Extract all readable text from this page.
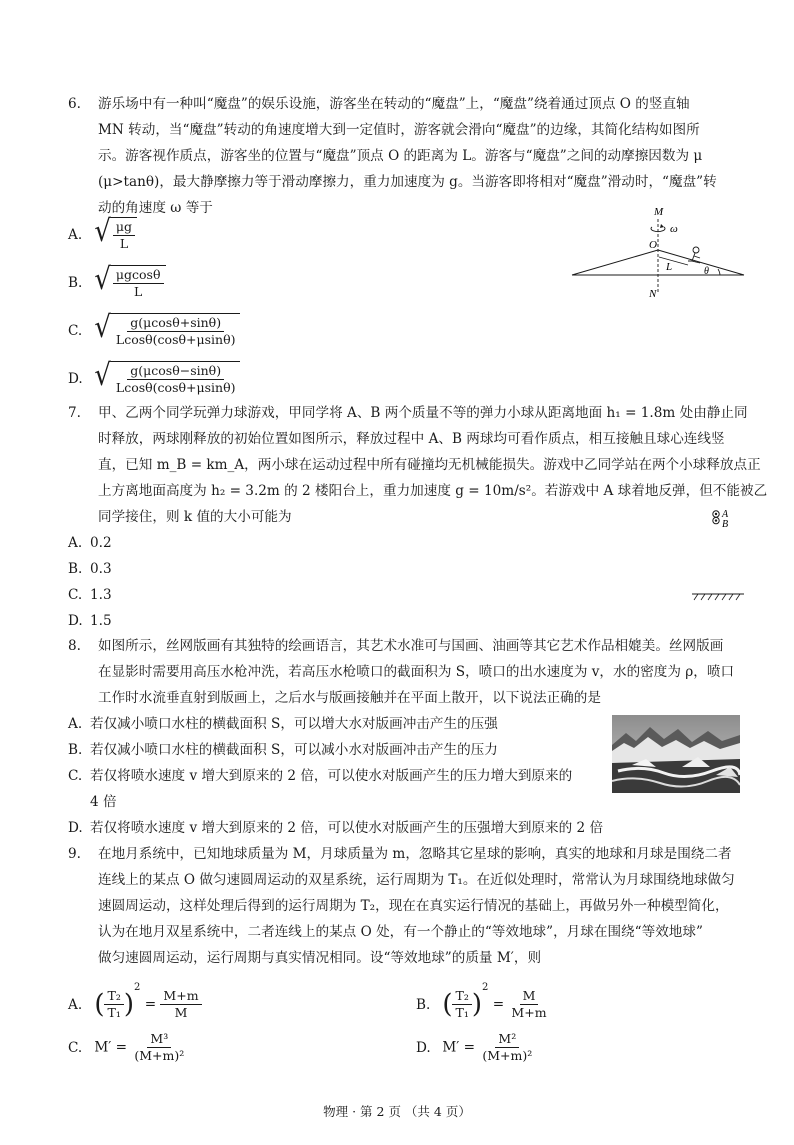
6. 游乐场中有一种叫“魔盘”的娱乐设施，游客坐在转动的“魔盘”上，“魔盘”绕着通过顶点 O 的竖直轴
MN 转动，当“魔盘”转动的角速度增大到一定值时，游客就会滑向“魔盘”的边缘，其简化结构如图所
示。游客视作质点，游客坐的位置与“魔盘”顶点 O 的距离为 L。游客与“魔盘”之间的动摩擦因数为 μ
(μ>tanθ)，最大静摩擦力等于滑动摩擦力，重力加速度为 g。当游客即将相对“魔盘”滑动时，“魔盘”转
动的角速度 ω 等于
A. √ $\frac{\mu g}{L}$
B. √ $\frac{\mu gcos\theta}{L}$
C. √ $\frac{g(\mu\cos\theta+\sin\theta)}{Lcos\theta(\cos\theta+\mu\sin\theta)}$
D. √ $\frac{g(\mu\cos\theta-\sin\theta)}{Lcos\theta(\cos\theta+\mu\sin\theta)}$
M
ω
O
L	θ
N
7. 甲、乙两个同学玩弹力球游戏，甲同学将 A、B 两个质量不等的弹力小球从距离地面 h₁ = 1.8m 处由静止同
时释放，两球刚释放的初始位置如图所示，释放过程中 A、B 两球均可看作质点，相互接触且球心连线竖
直，已知 m_B = km_A，两小球在运动过程中所有碰撞均无机械能损失。游戏中乙同学站在两个小球释放点正
上方离地面高度为 h₂ = 3.2m 的 2 楼阳台上，重力加速度 g = 10m/s²。若游戏中 A 球着地反弹，但不能被乙
同学接住，则 k 值的大小可能为
A. 0.2
B. 0.3
C. 1.3
D. 1.5
A
B
8. 如图所示，丝网版画有其独特的绘画语言，其艺术水准可与国画、油画等其它艺术作品相媲美。丝网版画
在显影时需要用高压水枪冲洗，若高压水枪喷口的截面积为 S，喷口的出水速度为 v，水的密度为 ρ，喷口
工作时水流垂直射到版画上，之后水与版画接触并在平面上散开，以下说法正确的是
A. 若仅减小喷口水柱的横截面积 S，可以增大水对版画冲击产生的压强
B. 若仅减小喷口水柱的横截面积 S，可以减小水对版画冲击产生的压力
C. 若仅将喷水速度 v 增大到原来的 2 倍，可以使水对版画产生的压力增大到原来的
4 倍
D. 若仅将喷水速度 v 增大到原来的 2 倍，可以使水对版画产生的压强增大到原来的 2 倍
9. 在地月系统中，已知地球质量为 M，月球质量为 m，忽略其它星球的影响，真实的地球和月球是围绕二者
连线上的某点 O 做匀速圆周运动的双星系统，运行周期为 T₁。在近似处理时，常常认为月球围绕地球做匀
速圆周运动，这样处理后得到的运行周期为 T₂，现在在真实运行情况的基础上，再做另外一种模型简化，
认为在地月双星系统中，二者连线上的某点 O 处，有一个静止的“等效地球”，月球在围绕“等效地球”
做匀速圆周运动，运行周期与真实情况相同。设“等效地球”的质量 M′，则
A. ( $\frac{\text{T₂}}{\text{T₁}} )^2 = \frac{M+m}{M}$	B. ( $\frac{\text{T₂}}{\text{T₁}} )^2 = \frac{M}{M+m}$
C. $M' = \frac{\text{M³}}{\text{(M+m)²}}$	D. $M' = \frac{\text{M²}}{\text{(M+m)²}}$
物理 · 第 2 页 （共 4 页）
